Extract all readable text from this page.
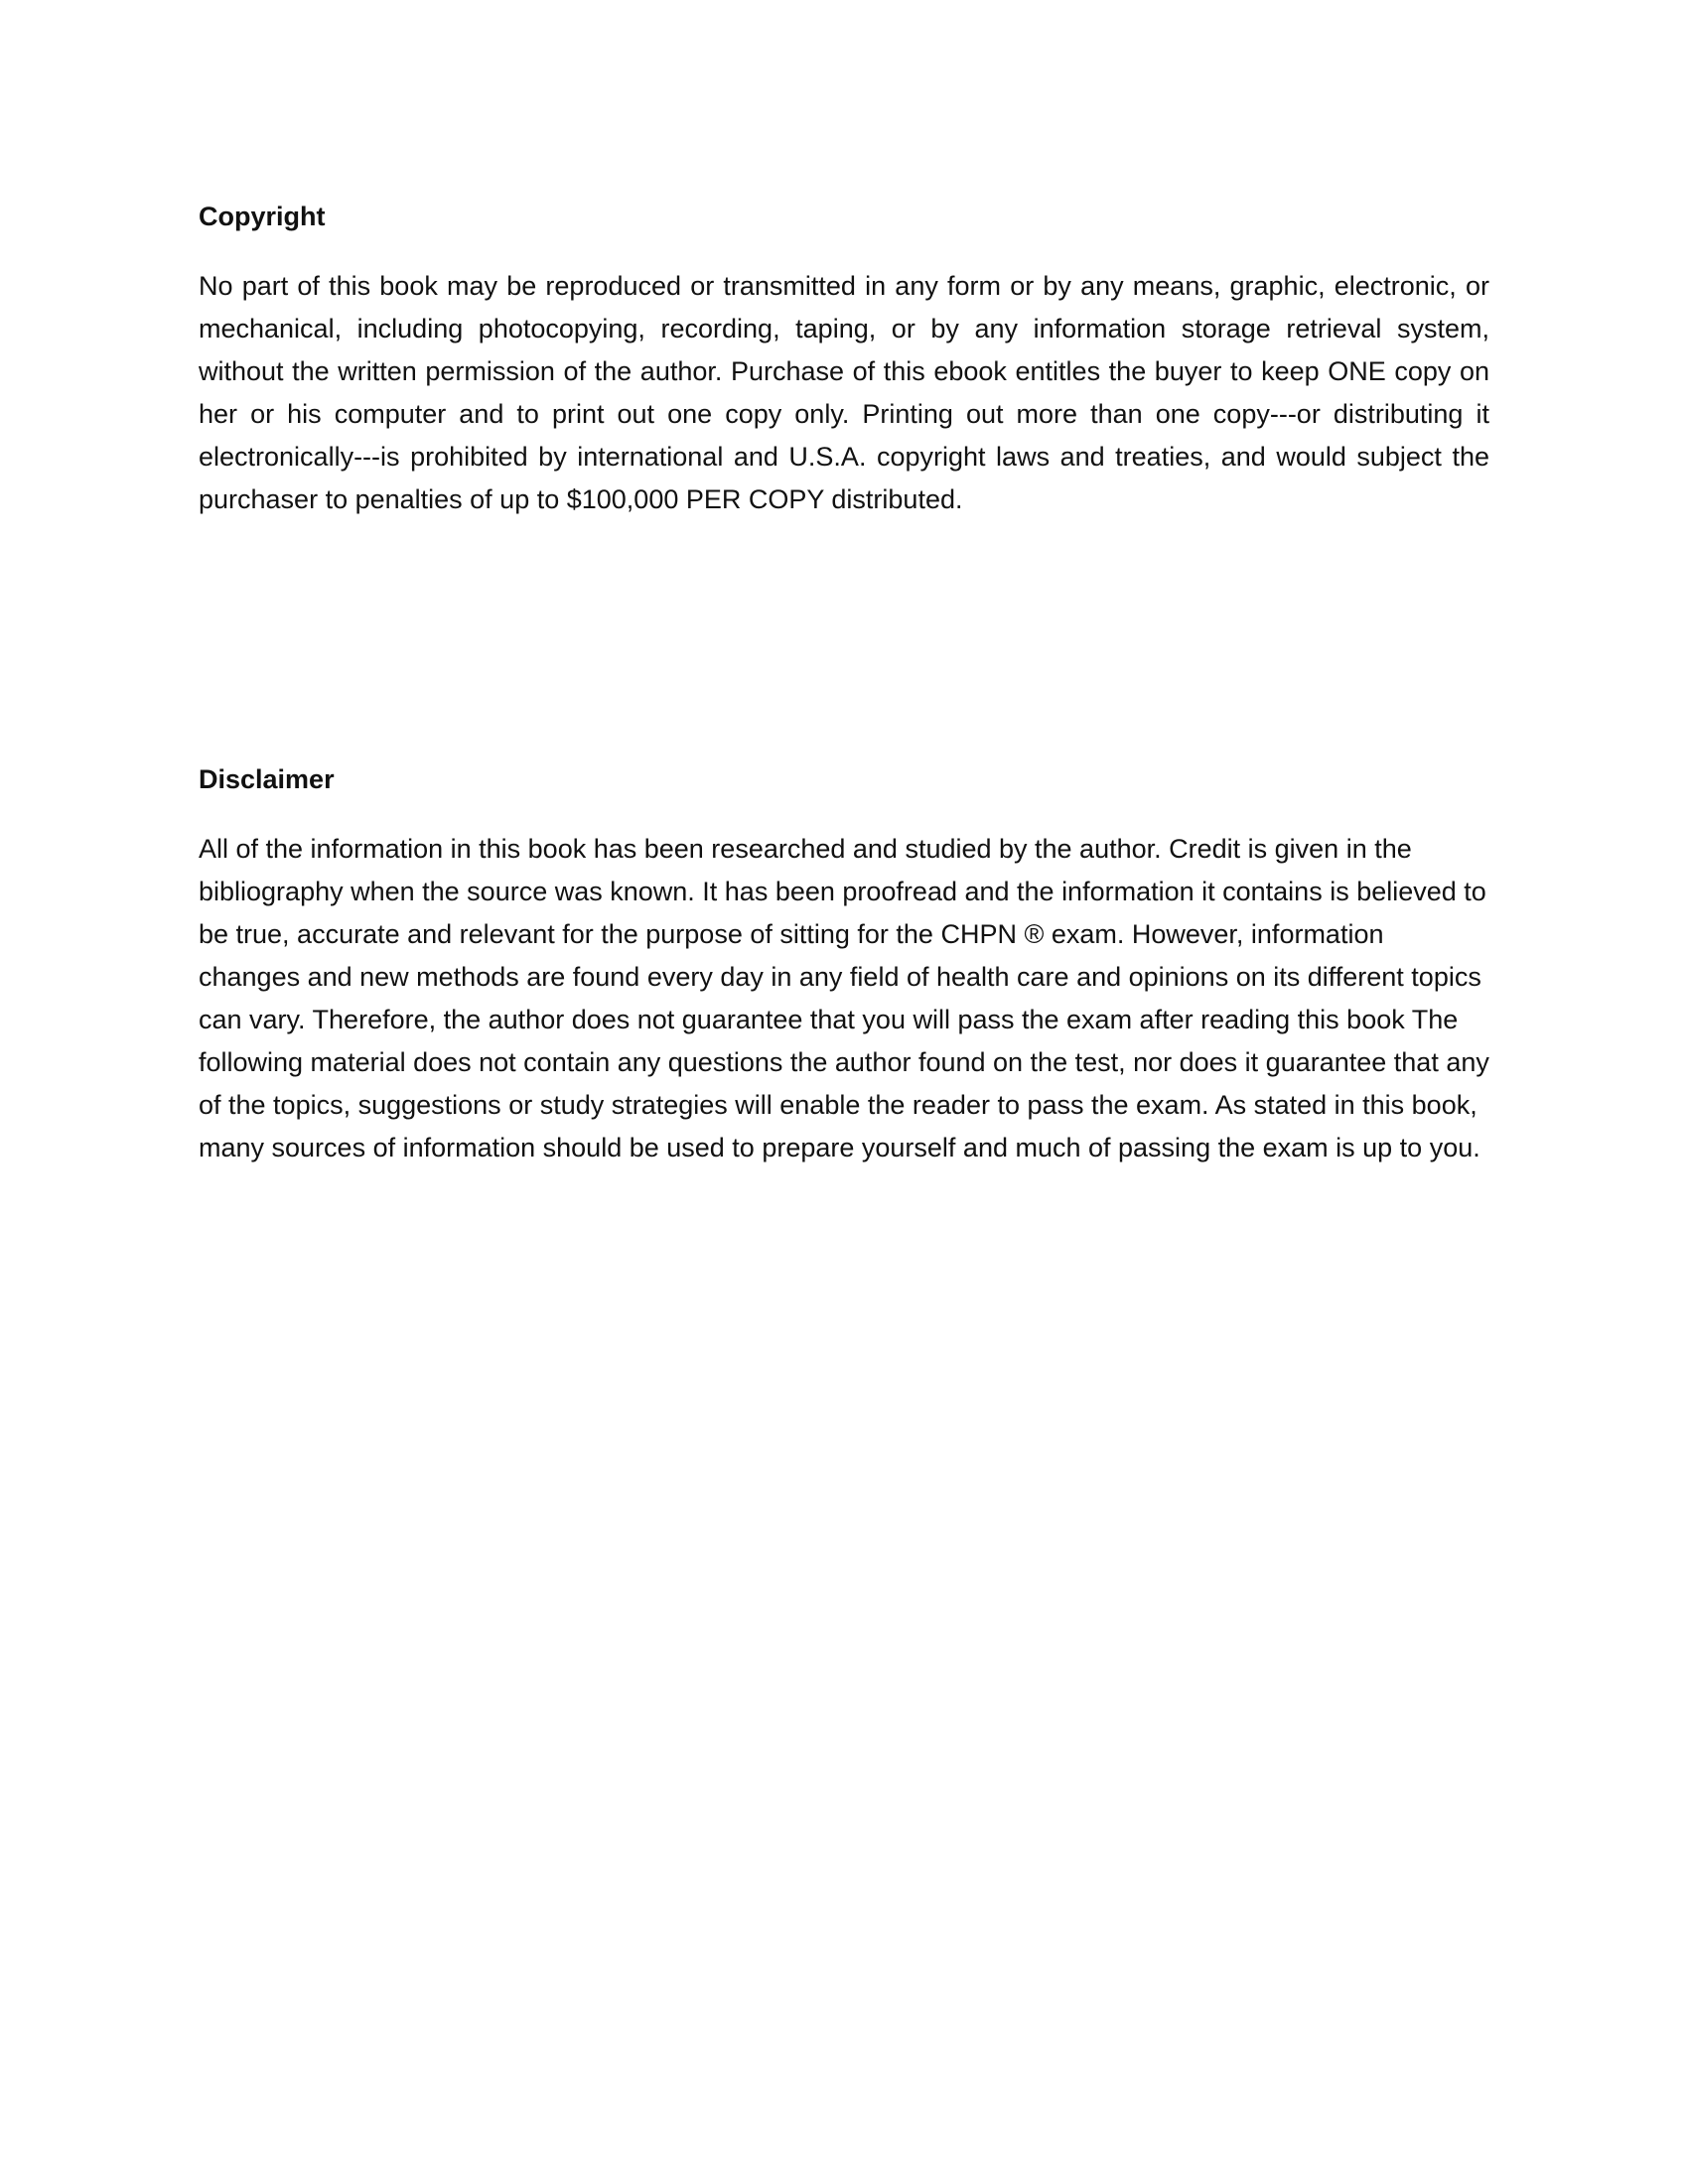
Copyright

No part of this book may be reproduced or transmitted in any form or by any means, graphic, electronic, or mechanical, including photocopying, recording, taping, or by any information storage retrieval system, without the written permission of the author. Purchase of this ebook entitles the buyer to keep ONE copy on her or his computer and to print out one copy only. Printing out more than one copy---or distributing it electronically---is prohibited by international and U.S.A. copyright laws and treaties, and would subject the purchaser to penalties of up to $100,000 PER COPY distributed.

Disclaimer

All of the information in this book has been researched and studied by the author. Credit is given in the bibliography when the source was known. It has been proofread and the information it contains is believed to be true, accurate and relevant for the purpose of sitting for the CHPN ® exam. However, information changes and new methods are found every day in any field of health care and opinions on its different topics can vary. Therefore, the author does not guarantee that you will pass the exam after reading this book The following material does not contain any questions the author found on the test, nor does it guarantee that any of the topics, suggestions or study strategies will enable the reader to pass the exam. As stated in this book, many sources of information should be used to prepare yourself and much of passing the exam is up to you.
